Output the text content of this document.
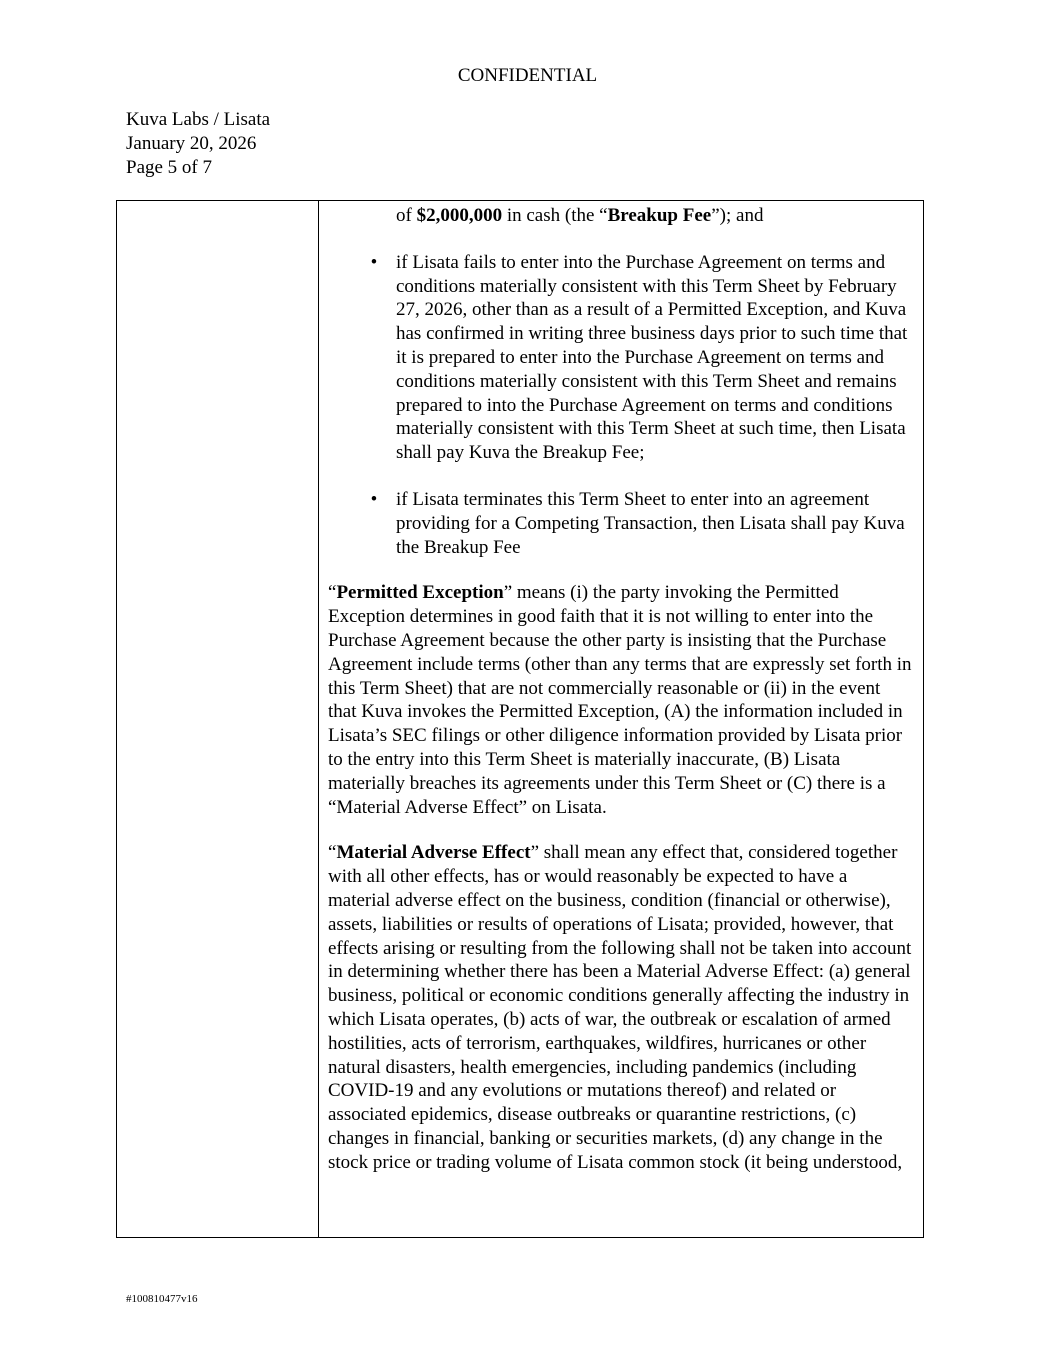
CONFIDENTIAL
Kuva Labs / Lisata
January 20, 2026
Page 5 of 7

of $2,000,000 in cash (the “Breakup Fee”); and

• if Lisata fails to enter into the Purchase Agreement on terms and conditions materially consistent with this Term Sheet by February 27, 2026, other than as a result of a Permitted Exception, and Kuva has confirmed in writing three business days prior to such time that it is prepared to enter into the Purchase Agreement on terms and conditions materially consistent with this Term Sheet and remains prepared to into the Purchase Agreement on terms and conditions materially consistent with this Term Sheet at such time, then Lisata shall pay Kuva the Breakup Fee;
• if Lisata terminates this Term Sheet to enter into an agreement providing for a Competing Transaction, then Lisata shall pay Kuva the Breakup Fee

“Permitted Exception” means (i) the party invoking the Permitted Exception determines in good faith that it is not willing to enter into the Purchase Agreement because the other party is insisting that the Purchase Agreement include terms (other than any terms that are expressly set forth in this Term Sheet) that are not commercially reasonable or (ii) in the event that Kuva invokes the Permitted Exception, (A) the information included in Lisata’s SEC filings or other diligence information provided by Lisata prior to the entry into this Term Sheet is materially inaccurate, (B) Lisata materially breaches its agreements under this Term Sheet or (C) there is a “Material Adverse Effect” on Lisata.

“Material Adverse Effect” shall mean any effect that, considered together with all other effects, has or would reasonably be expected to have a material adverse effect on the business, condition (financial or otherwise), assets, liabilities or results of operations of Lisata; provided, however, that effects arising or resulting from the following shall not be taken into account in determining whether there has been a Material Adverse Effect: (a) general business, political or economic conditions generally affecting the industry in which Lisata operates, (b) acts of war, the outbreak or escalation of armed hostilities, acts of terrorism, earthquakes, wildfires, hurricanes or other natural disasters, health emergencies, including pandemics (including COVID-19 and any evolutions or mutations thereof) and related or associated epidemics, disease outbreaks or quarantine restrictions, (c) changes in financial, banking or securities markets, (d) any change in the stock price or trading volume of Lisata common stock (it being understood,

#100810477v16
